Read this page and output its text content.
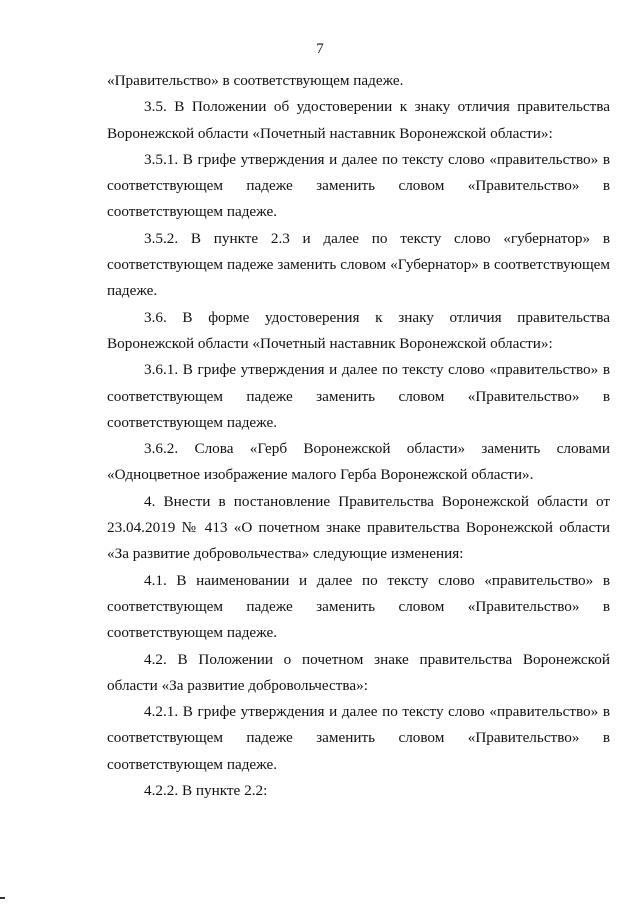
7

«Правительство» в соответствующем падеже.

3.5. В Положении об удостоверении к знаку отличия правительства

Воронежской области «Почетный наставник Воронежской области»:

3.5.1. В грифе утверждения и далее по тексту слово «правительство» в

соответствующем падеже заменить словом «Правительство» в

соответствующем падеже.

3.5.2. В пункте 2.3 и далее по тексту слово «губернатор» в

соответствующем падеже заменить словом «Губернатор» в соответствующем

падеже.

3.6. В форме удостоверения к знаку отличия правительства

Воронежской области «Почетный наставник Воронежской области»:

3.6.1. В грифе утверждения и далее по тексту слово «правительство» в

соответствующем падеже заменить словом «Правительство» в

соответствующем падеже.

3.6.2. Слова «Герб Воронежской области» заменить словами

«Одноцветное изображение малого Герба Воронежской области».

4. Внести в постановление Правительства Воронежской области от

23.04.2019 № 413 «О почетном знаке правительства Воронежской области

«За развитие добровольчества» следующие изменения:

4.1. В наименовании и далее по тексту слово «правительство» в

соответствующем падеже заменить словом «Правительство» в

соответствующем падеже.

4.2. В Положении о почетном знаке правительства Воронежской

области «За развитие добровольчества»:

4.2.1. В грифе утверждения и далее по тексту слово «правительство» в

соответствующем падеже заменить словом «Правительство» в

соответствующем падеже.

4.2.2. В пункте 2.2:
